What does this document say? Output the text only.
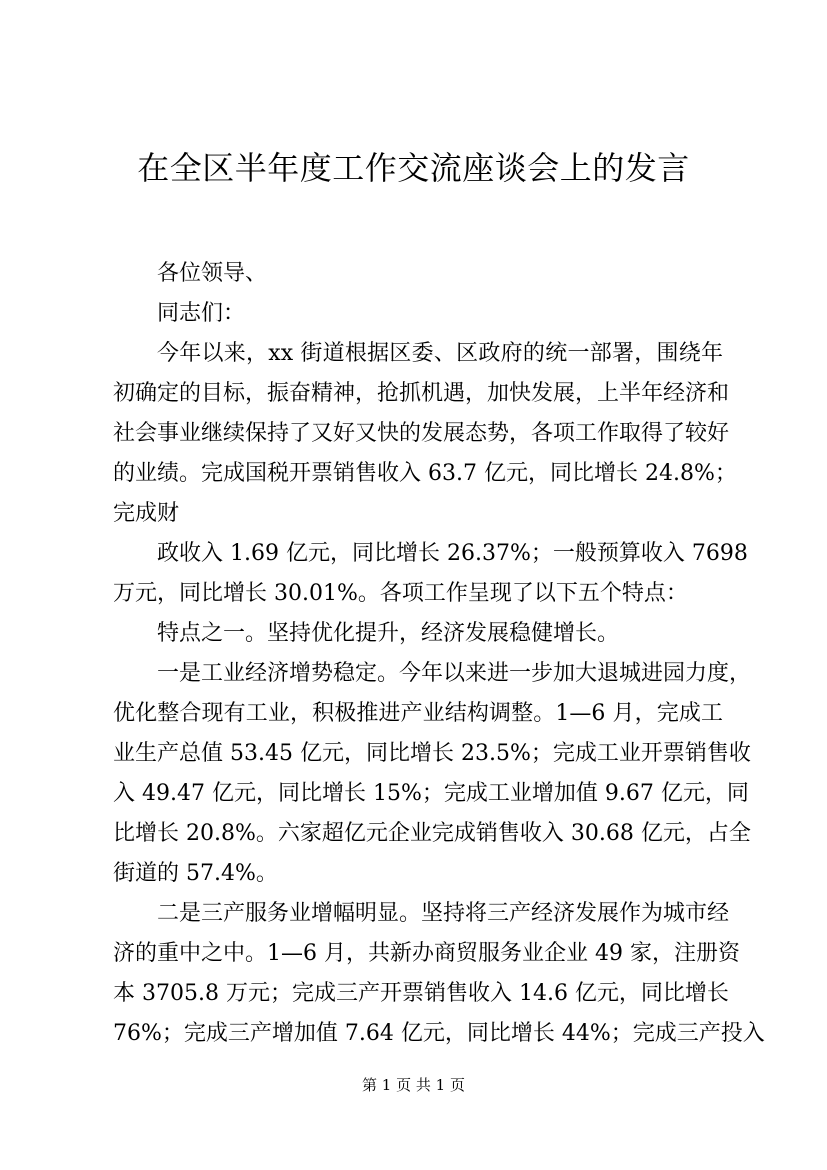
在全区半年度工作交流座谈会上的发言
各位领导、
同志们：
今年以来，xx 街道根据区委、区政府的统一部署，围绕年
初确定的目标，振奋精神，抢抓机遇，加快发展，上半年经济和
社会事业继续保持了又好又快的发展态势，各项工作取得了较好
的业绩。完成国税开票销售收入 63.7 亿元，同比增长 24.8%；
完成财
政收入 1.69 亿元，同比增长 26.37%；一般预算收入 7698
万元，同比增长 30.01%。各项工作呈现了以下五个特点：
特点之一。坚持优化提升，经济发展稳健增长。
一是工业经济增势稳定。今年以来进一步加大退城进园力度，
优化整合现有工业，积极推进产业结构调整。1—6 月，完成工
业生产总值 53.45 亿元，同比增长 23.5%；完成工业开票销售收
入 49.47 亿元，同比增长 15%；完成工业增加值 9.67 亿元，同
比增长 20.8%。六家超亿元企业完成销售收入 30.68 亿元，占全
街道的 57.4%。
二是三产服务业增幅明显。坚持将三产经济发展作为城市经
济的重中之中。1—6 月，共新办商贸服务业企业 49 家，注册资
本 3705.8 万元；完成三产开票销售收入 14.6 亿元，同比增长
76%；完成三产增加值 7.64 亿元，同比增长 44%；完成三产投入
第 1 页 共 1 页
